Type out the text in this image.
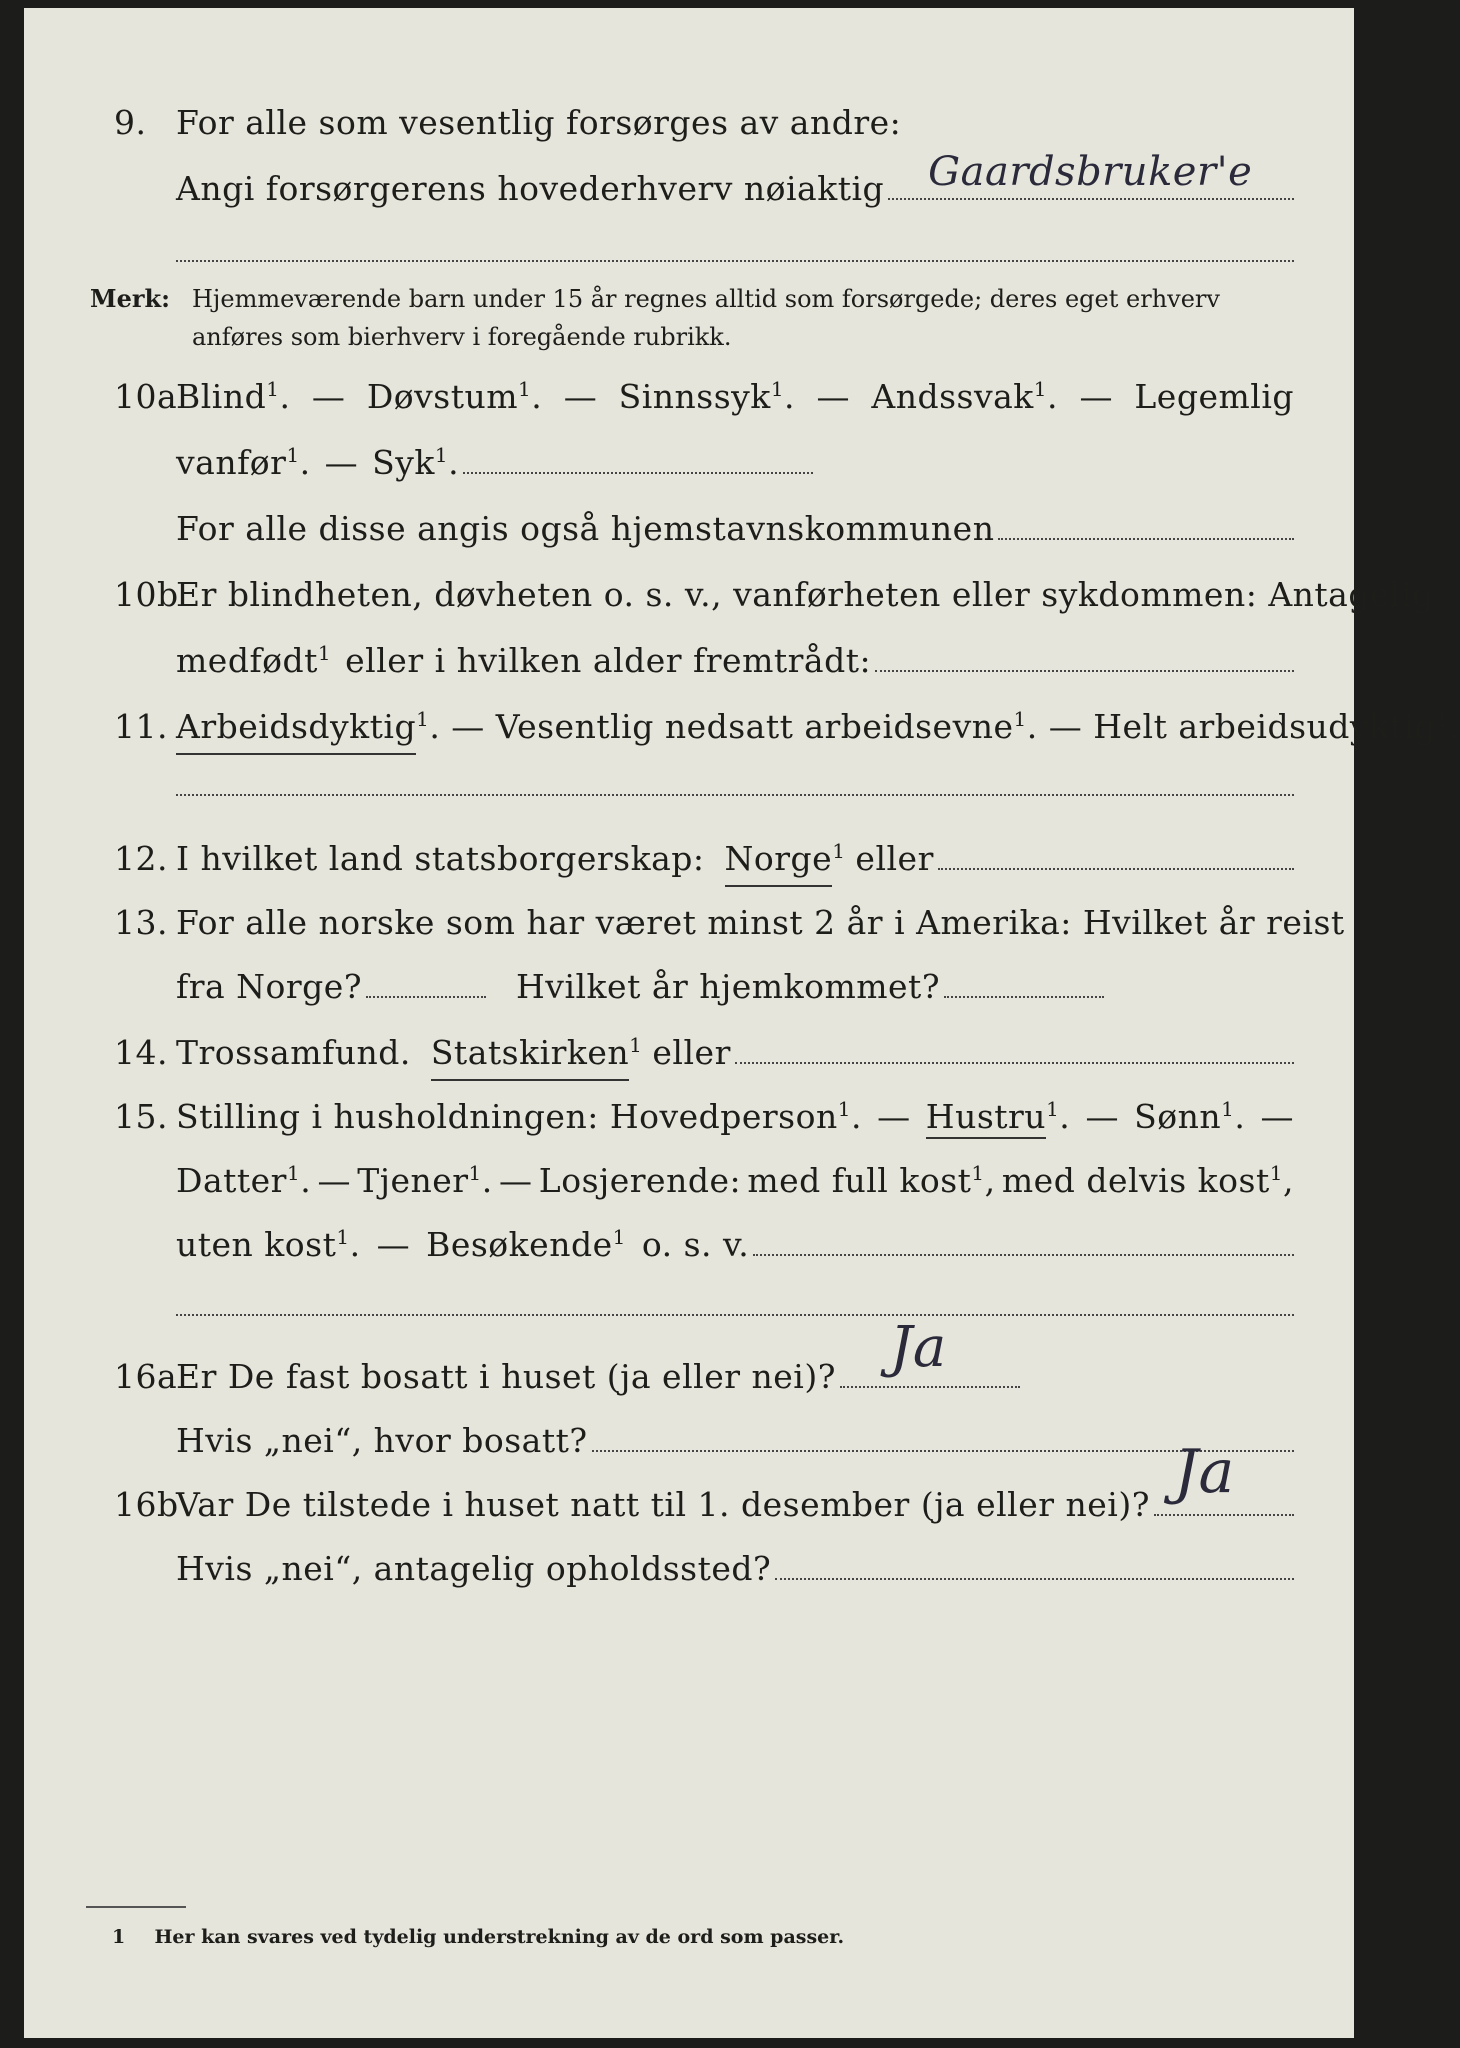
9. For alle som vesentlig forsørges av andre:
Angi forsørgerens hovederhverv nøiaktig Gaardsbruker'e
Merk: Hjemmeværende barn under 15 år regnes alltid som forsørgede; deres eget erhverv anføres som bierhverv i foregående rubrikk.
10a
Blind$^1$. — Døvstum$^1$. — Sinnssyk$^1$. — Andssvak$^1$. — Legemlig
vanfør$^1$. — Syk$^1$.
For alle disse angis også hjemstavnskommunen
10b
Er blindheten, døvheten o. s. v., vanførheten eller sykdommen: Antagelig
medfødt$^1$ eller i hvilken alder fremtrådt:
11. Arbeidsdyktig 1 . — Vesentlig nedsatt arbeidsevne 1 . — Helt arbeidsudyktig 1 .
12. I hvilket land statsborgerskap: Norge 1 eller
13. For alle norske som har været minst 2 år i Amerika: Hvilket år reist
fra Norge?	Hvilket år hjemkommet?
14. Trossamfund. Statskirken 1 eller
15. Stilling i husholdningen: Hovedperson$^1$. — Hustru$^1$. — Sønn$^1$. —
Datter$^1$. — Tjener$^1$. — Losjerende: med full kost$^1$, med delvis kost$^1$,
uten kost$^1$. — Besøkende$^1$ o. s. v.
16a
Er De fast bosatt i huset (ja eller nei)? Ja
Hvis „nei“, hvor bosatt?
16b
Var De tilstede i huset natt til 1. desember (ja eller nei)? Ja
Hvis „nei“, antagelig opholdssted?
1 Her kan svares ved tydelig understrekning av de ord som passer.
